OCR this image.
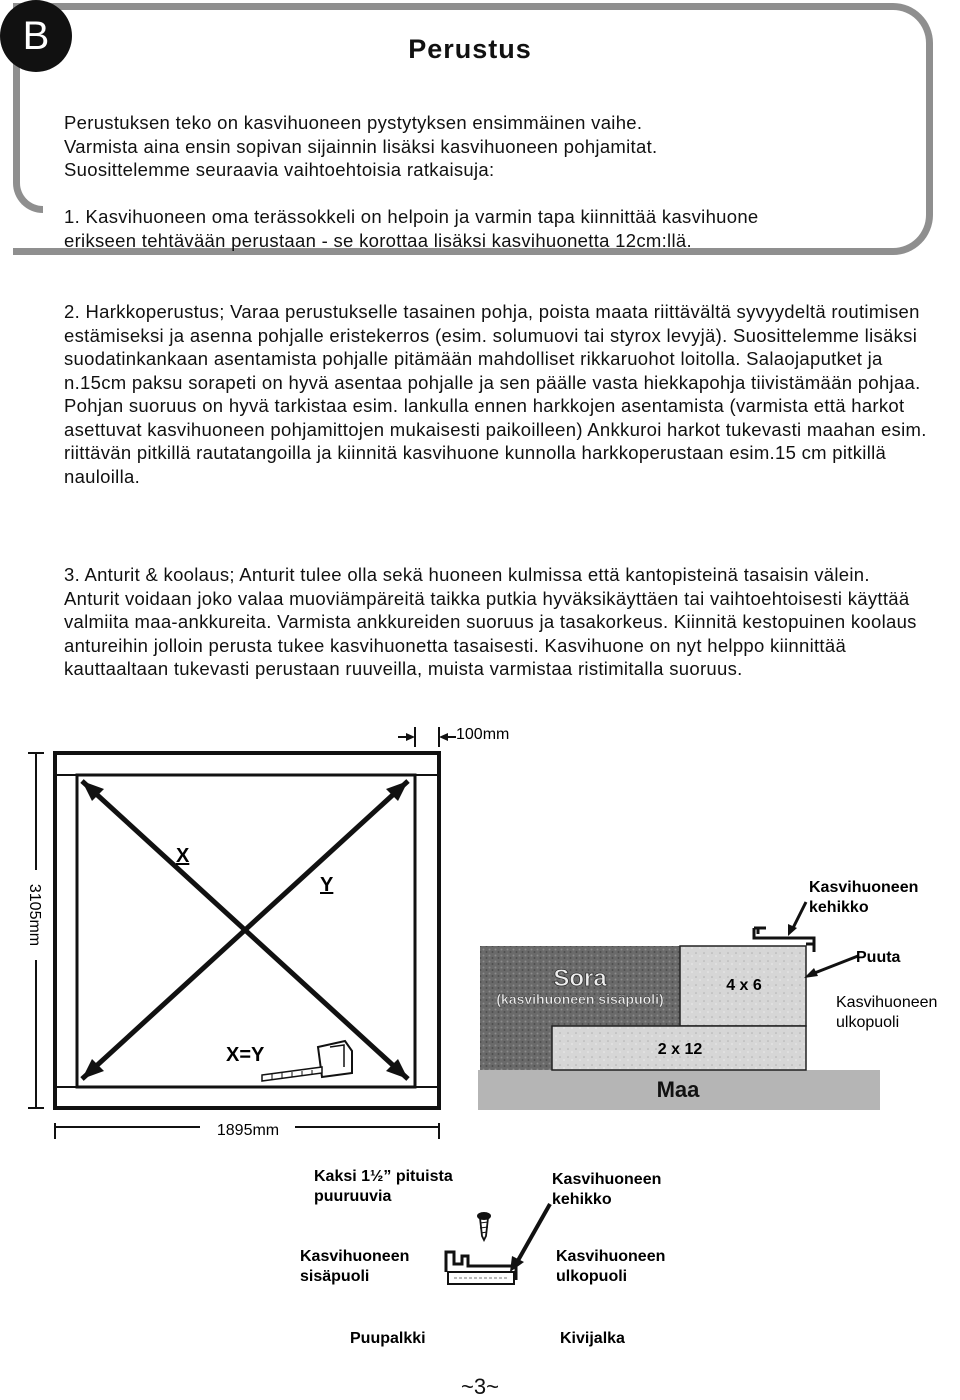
B	Perustus

Perustuksen teko on kasvihuoneen pystytyksen ensimmäinen vaihe.

Varmista aina ensin sopivan sijainnin lisäksi kasvihuoneen pohjamitat.

Suosittelemme seuraavia vaihtoehtoisia ratkaisuja:

1. Kasvihuoneen oma terässokkeli on helpoin ja varmin tapa kiinnittää kasvihuone erikseen tehtävään perustaan - se korottaa lisäksi kasvihuonetta 12cm:llä.

2. Harkkoperustus; Varaa perustukselle tasainen pohja, poista maata riittävältä syvyydeltä routimisen estämiseksi ja asenna pohjalle eristekerros (esim. solumuovi tai styrox levyjä). Suosittelemme lisäksi suodatinkankaan asentamista pohjalle pitämään mahdolliset rikkaruohot loitolla. Salaojaputket ja n.15cm paksu sorapeti on hyvä asentaa pohjalle ja sen päälle vasta hiekkapohja tiivistämään pohjaa. Pohjan suoruus on hyvä tarkistaa esim. lankulla ennen harkkojen asentamista (varmista että harkot asettuvat kasvihuoneen pohjamittojen mukaisesti paikoilleen) Ankkuroi harkot tukevasti maahan esim. riittävän pitkillä rautatangoilla ja kiinnitä kasvihuone kunnolla harkkoperustaan esim.15 cm pitkillä nauloilla.

3. Anturit & koolaus; Anturit tulee olla sekä huoneen kulmissa että kantopisteinä tasaisin välein. Anturit voidaan joko valaa muoviämpäreitä taikka putkia hyväksikäyttäen tai vaihtoehtoisesti käyttää valmiita maa-ankkureita. Varmista ankkureiden suoruus ja tasakorkeus. Kiinnitä kestopuinen koolaus antureihin jolloin perusta tukee kasvihuonetta tasaisesti. Kasvihuone on nyt helppo kiinnittää kauttaaltaan tukevasti perustaan ruuveilla, muista varmistaa ristimitalla suoruus.

3105mm
1895mm
100mm
X
Y
X=Y
Maa
Sora
(kasvihuoneen sisäpuoli)
4 x 6
2 x 12
Kasvihuoneen
kehikko
Puuta
Kasvihuoneen
ulkopuoli
Kaksi 1½” pituista
puuruuvia
Kasvihuoneen
kehikko
Kasvihuoneen
sisäpuoli
Kasvihuoneen
ulkopuoli
Puupalkki	Kivijalka
~3~
